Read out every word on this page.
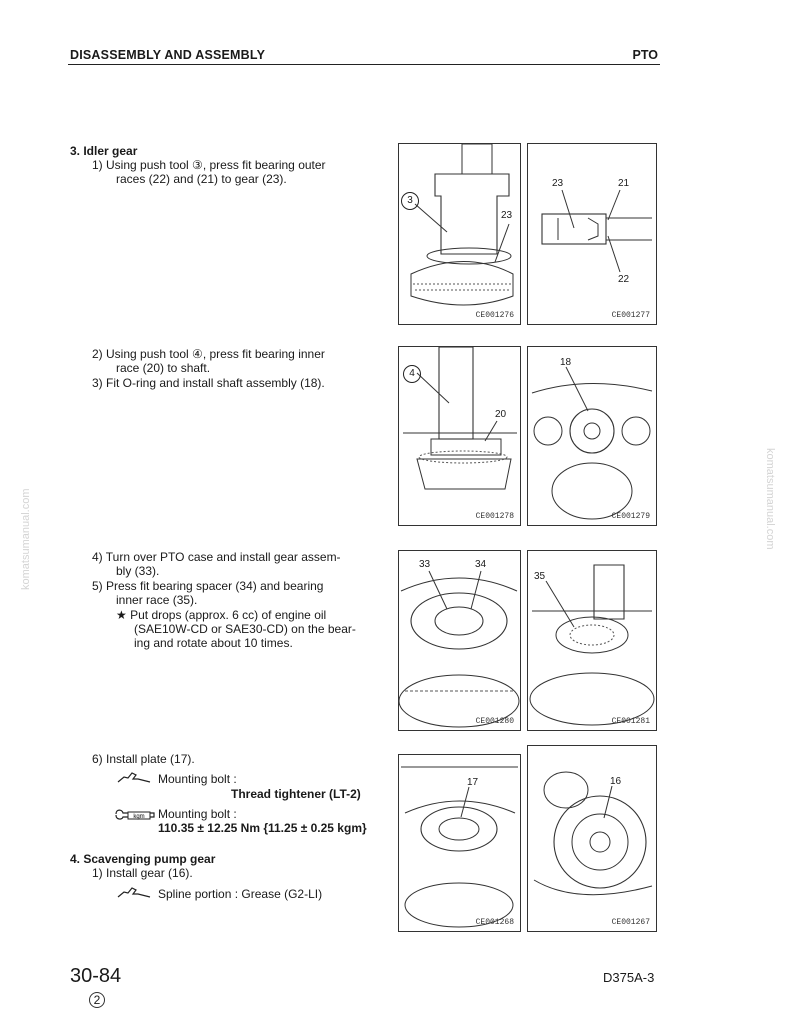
DISASSEMBLY AND ASSEMBLY	PTO
komatsumanual.com	komatsumanual.com
3. Idler gear
1) Using push tool ③, press fit bearing outer
races (22) and (21) to gear (23).
2) Using push tool ④, press fit bearing inner
race (20) to shaft.
3) Fit O-ring and install shaft assembly (18).
4) Turn over PTO case and install gear assem-
bly (33).
5) Press fit bearing spacer (34) and bearing
inner race (35).
★ Put drops (approx. 6 cc) of engine oil
(SAE10W-CD or SAE30-CD) on the bear-
ing and rotate about 10 times.
6) Install plate (17).
Mounting bolt :
Thread tightener (LT-2)
kgm Mounting bolt :
110.35 ± 12.25 Nm {11.25 ± 0.25 kgm}
4. Scavenging pump gear
1) Install gear (16).
Spline portion : Grease (G2-LI)
3
23
CE001276
23	21
22
CE001277
4
20
CE001278
18
CE001279
33	34
CE001280
35
CE001281
17
CE001268
16
CE001267
30-84	D375A-3
2
